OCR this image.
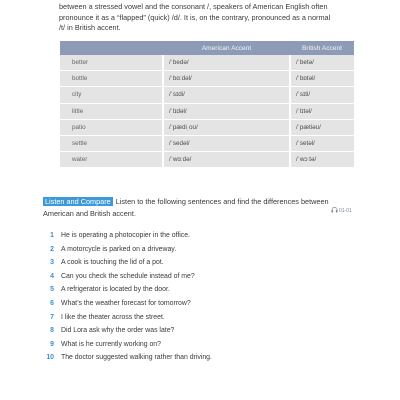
between a stressed vowel and the consonant /, speakers of American English often

pronounce it as a “flapped” (quick) /d/. It is, on the contrary, pronounced as a normal

/t/ in British accent.

	American Accent	British Accent
better	/ˈbedə/	/ˈbetə/
bottle	/ˈbɑːdəl/	/ˈbɒtəl/
city	/ˈsɪdi/	/ˈsɪti/
little	/ˈlɪdəl/	/ˈlɪtəl/
patio	/ˈpædiˌoʊ/	/ˈpætiəʊ/
settle	/ˈsedəl/	/ˈsetəl/
water	/ˈwɑːdə/	/ˈwɔːtə/
Listen and Compare Listen to the following sentences and find the differences between American and British accent.	01-01
1 He is operating a photocopier in the office.
2 A motorcycle is parked on a driveway.
3 A cook is touching the lid of a pot.
4 Can you check the schedule instead of me?
5 A refrigerator is located by the door.
6 What’s the weather forecast for tomorrow?
7 I like the theater across the street.
8 Did Lora ask why the order was late?
9 What is he currently working on?
10 The doctor suggested walking rather than driving.
